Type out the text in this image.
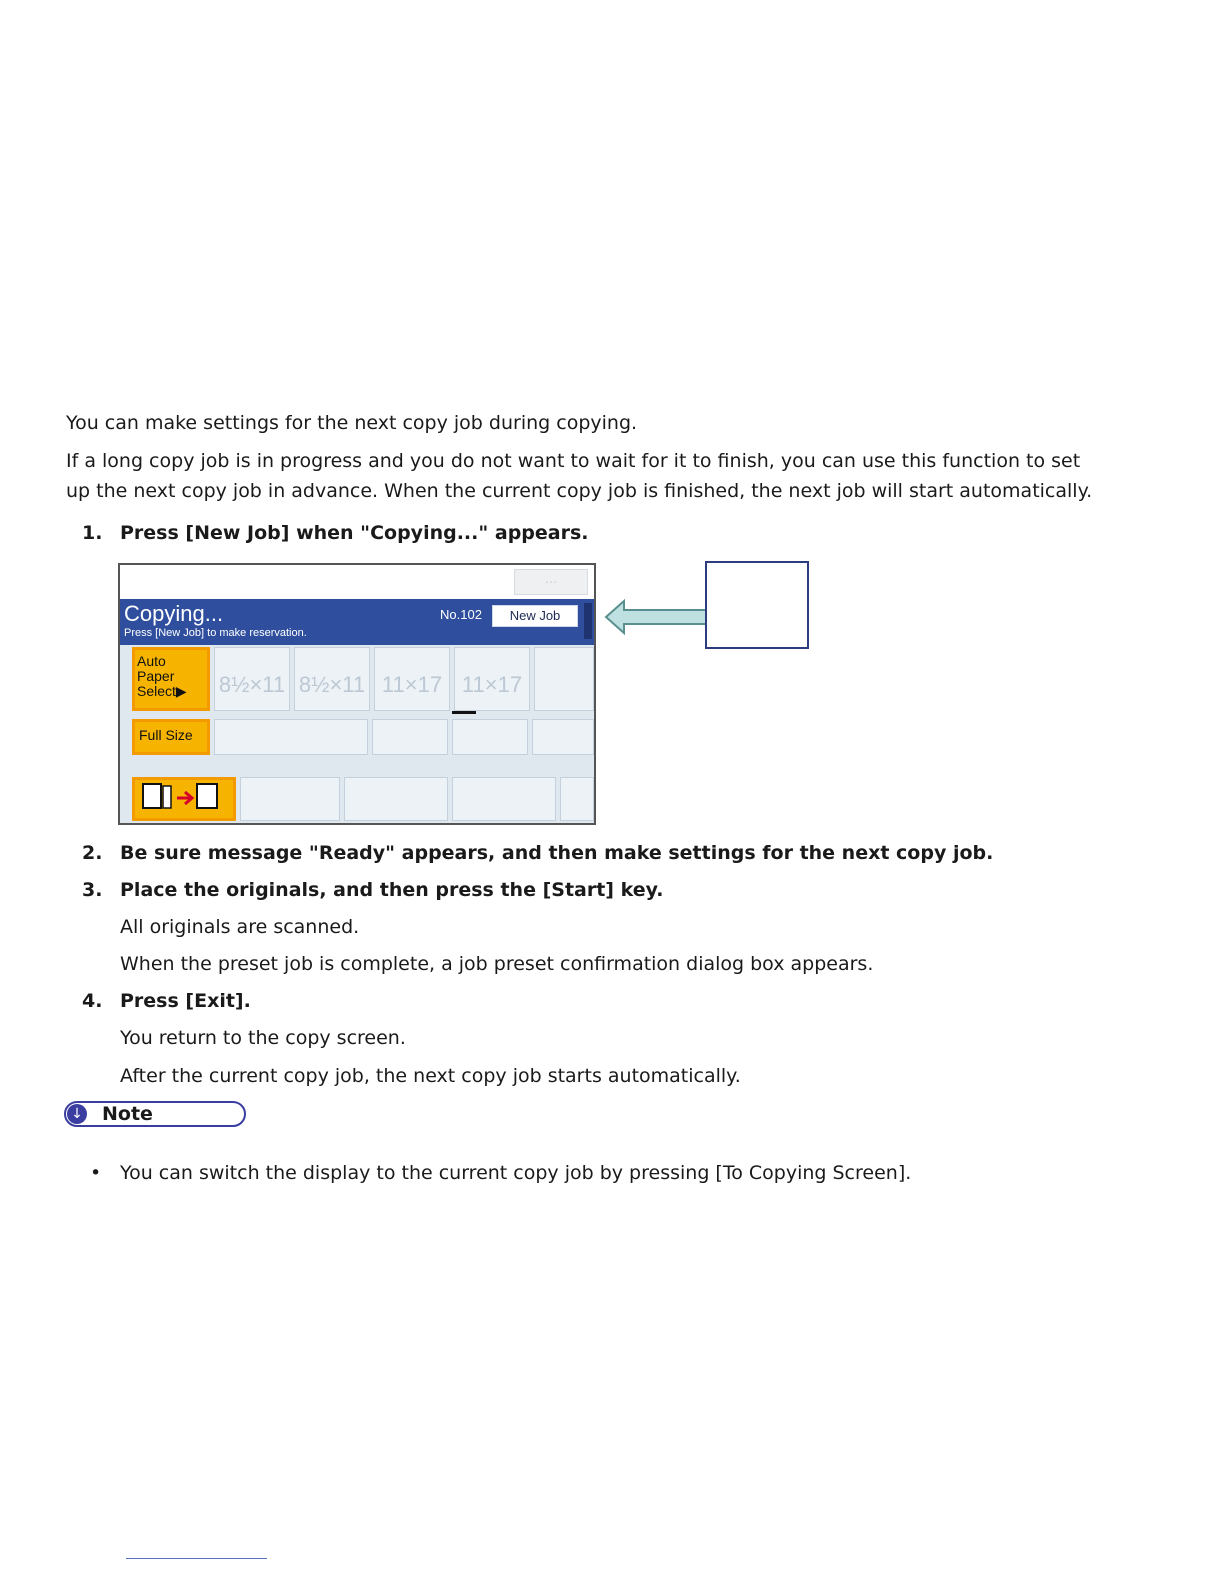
You can make settings for the next copy job during copying.

If a long copy job is in progress and you do not want to wait for it to finish, you can use this function to set

up the next copy job in advance. When the current copy job is finished, the next job will start automatically.

1. Press [New Job] when "Copying..." appears.

⋯
Copying...
Press [New Job] to make reservation.
No.102	New Job
Auto Paper Select▶	8½×11 8½×11 11×17 11×17
Full Size

2. Be sure message "Ready" appears, and then make settings for the next copy job.

3. Place the originals, and then press the [Start] key.

All originals are scanned.

When the preset job is complete, a job preset confirmation dialog box appears.

4. Press [Exit].

You return to the copy screen.

After the current copy job, the next copy job starts automatically.

↓ Note

• You can switch the display to the current copy job by pressing [To Copying Screen].
